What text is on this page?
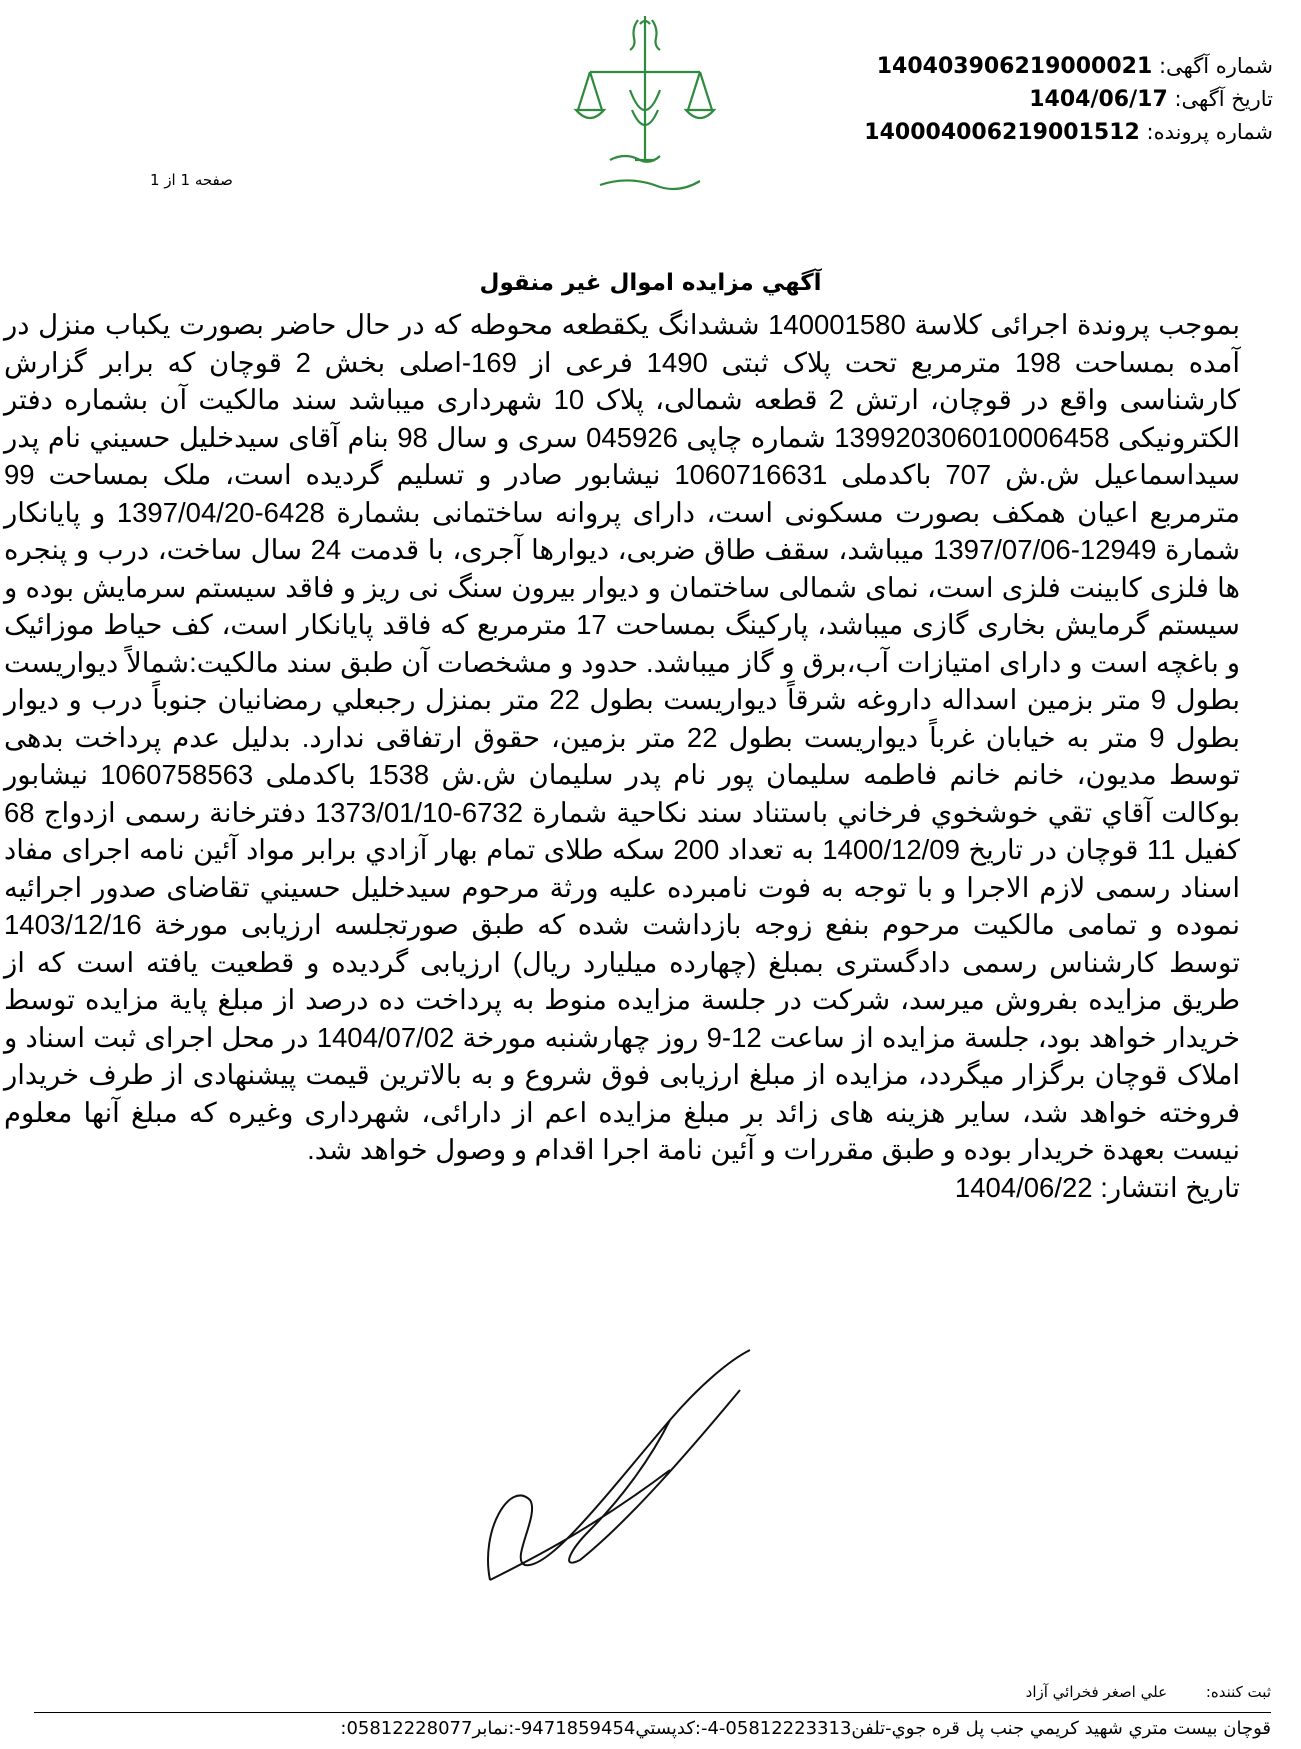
شماره آگهی: 140403906219000021
تاریخ آگهی: 1404/06/17
شماره پرونده: 140004006219001512
صفحه 1 از 1
آگهي مزايده اموال غير منقول
بموجب پروندة اجرائی کلاسة 140001580 ششدانگ یکقطعه محوطه که در حال حاضر بصورت یکباب منزل در آمده بمساحت 198 مترمربع تحت پلاک ثبتی 1490 فرعی از 169-اصلی بخش 2 قوچان که برابر گزارش کارشناسی واقع در قوچان، ارتش 2 قطعه شمالی، پلاک 10 شهرداری میباشد سند مالکیت آن بشماره دفتر الکترونیکی 139920306010006458 شماره چاپی 045926 سری و سال 98 بنام آقای سیدخلیل حسيني نام پدر سیداسماعیل ش.ش 707 باکدملی 1060716631 نیشابور صادر و تسلیم گردیده است، ملک بمساحت 99 مترمربع اعیان همکف بصورت مسکونی است، دارای پروانه ساختمانی بشمارة 6428-1397/04/20 و پایانکار شمارة 12949-1397/07/06 میباشد، سقف طاق ضربی، دیوارها آجری، با قدمت 24 سال ساخت، درب و پنجره ها فلزی کابینت فلزی است، نمای شمالی ساختمان و دیوار بیرون سنگ نی ریز و فاقد سیستم سرمایش بوده و سیستم گرمایش بخاری گازی میباشد، پارکینگ بمساحت 17 مترمربع که فاقد پایانکار است، کف حیاط موزائیک و باغچه است و دارای امتیازات آب،برق و گاز میباشد. حدود و مشخصات آن طبق سند مالکیت:شمالاً دیواریست بطول 9 متر بزمین اسداله داروغه شرقاً دیواریست بطول 22 متر بمنزل رجبعلي رمضانيان جنوباً درب و دیوار بطول 9 متر به خیابان غرباً دیواریست بطول 22 متر بزمین، حقوق ارتفاقی ندارد. بدلیل عدم پرداخت بدهی توسط مدیون، خانم خانم فاطمه سليمان پور نام پدر سلیمان ش.ش 1538 باکدملی 1060758563 نیشابور بوکالت آقاي تقي خوشخوي فرخاني باستناد سند نکاحیة شمارة 6732-1373/01/10 دفترخانة رسمی ازدواج 68 کفیل 11 قوچان در تاریخ 1400/12/09 به تعداد 200 سکه طلای تمام بهار آزادي برابر مواد آئین نامه اجرای مفاد اسناد رسمی لازم الاجرا و با توجه به فوت نامبرده علیه ورثة مرحوم سيدخليل حسيني تقاضای صدور اجرائیه نموده و تمامی مالکیت مرحوم بنفع زوجه بازداشت شده که طبق صورتجلسه ارزیابی مورخة 1403/12/16 توسط کارشناس رسمی دادگستری بمبلغ (چهارده میلیارد ریال) ارزیابی گردیده و قطعیت یافته است که از طریق مزایده بفروش میرسد، شرکت در جلسة مزایده منوط به پرداخت ده درصد از مبلغ پایة مزایده توسط خریدار خواهد بود، جلسة مزایده از ساعت 12-9 روز چهارشنبه مورخة 1404/07/02 در محل اجرای ثبت اسناد و املاک قوچان برگزار میگردد، مزایده از مبلغ ارزیابی فوق شروع و به بالاترین قیمت پیشنهادی از طرف خریدار فروخته خواهد شد، سایر هزینه های زائد بر مبلغ مزایده اعم از دارائی، شهرداری وغیره که مبلغ آنها معلوم نیست بعهدة خریدار بوده و طبق مقررات و آئین نامة اجرا اقدام و وصول خواهد شد.
تاریخ انتشار: 1404/06/22
ثبت کننده: علي اصغر فخرائي آزاد
قوچان بيست متري شهيد کريمي جنب پل قره جوي-تلفن05812223313-4-:کدپستي9471859454-:نمابر05812228077:
